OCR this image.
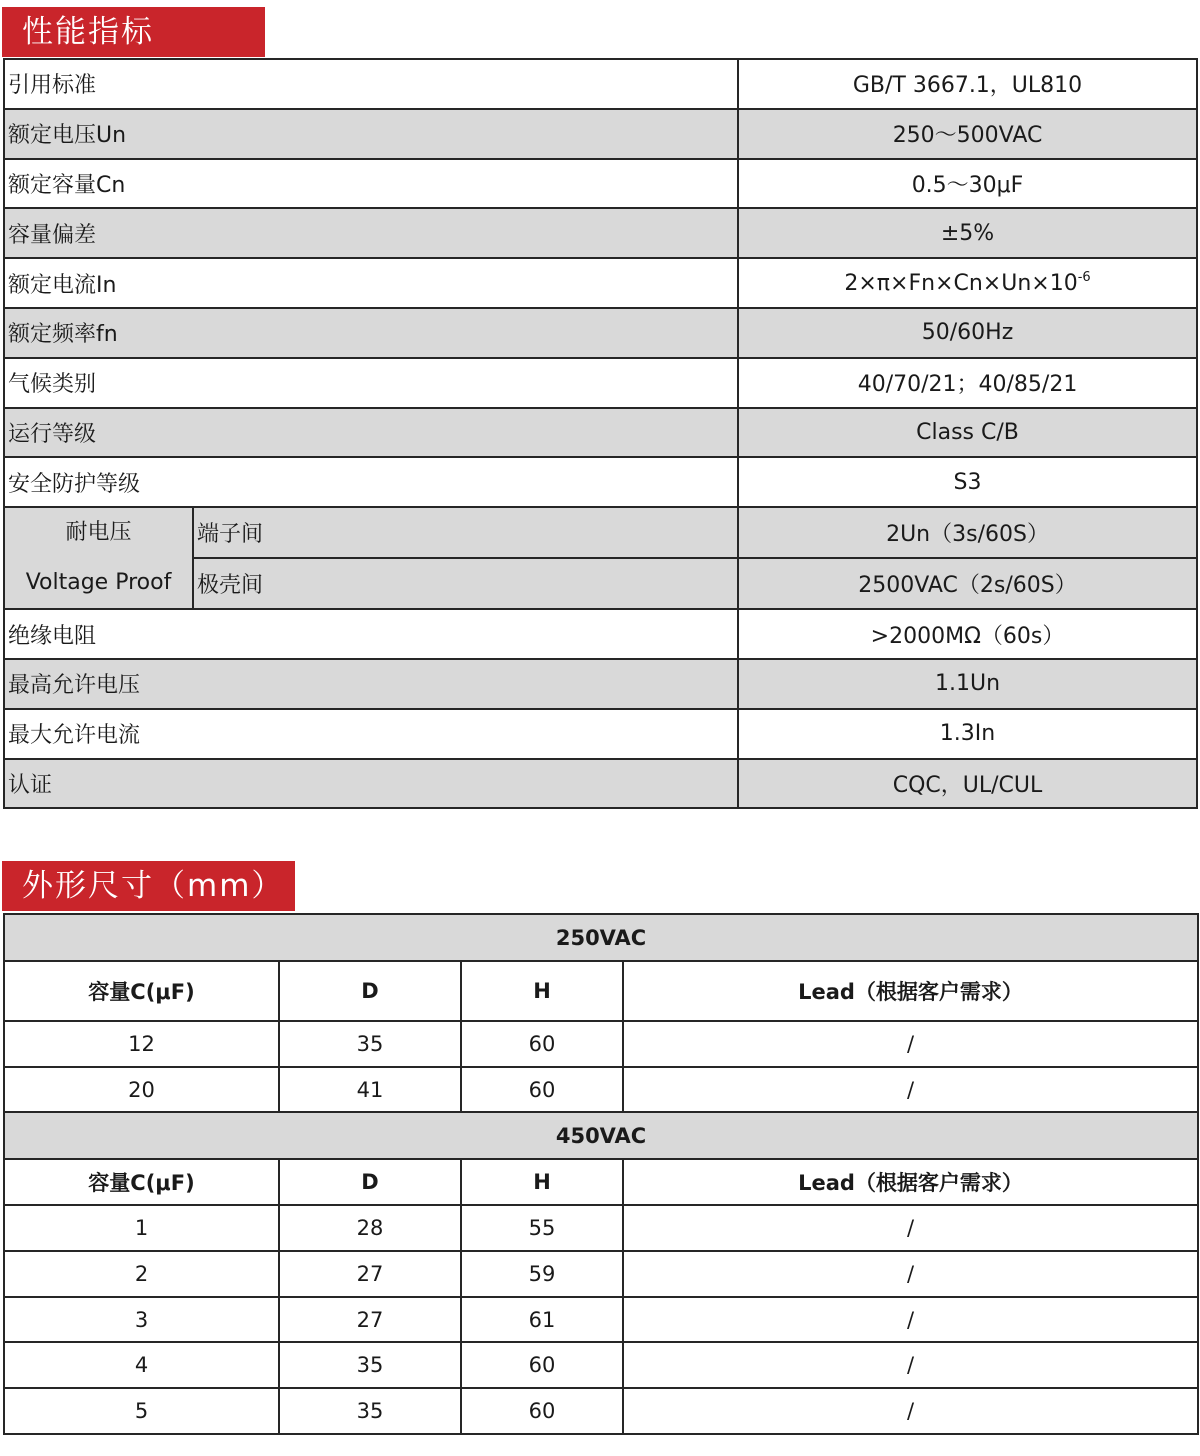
性能指标
引用标准		GB/T 3667.1，UL810
额定电压Un		250～500VAC
额定容量Cn		0.5～30μF
容量偏差		±5%
额定电流In		$2\times\pi\times Fn\times Cn\times Un\times 10^{-6}$
额定频率fn		50/60Hz
气候类别		40/70/21；40/85/21
运行等级		Class C/B
安全防护等级		S3

耐电压
Voltage Proof	端子间	2Un（3s/60S）
	极壳间	2500VAC（2s/60S）
绝缘电阻		>2000MΩ（60s）
最高允许电压		1.1Un
最大允许电流		1.3In
认证		CQC，UL/CUL
外形尺寸（mm）
250VAC			
容量C(μF)	D	H	Lead（根据客户需求）
12	35	60	/
20	41	60	/
450VAC			
容量C(μF)	D	H	Lead（根据客户需求）
1	28	55	/
2	27	59	/
3	27	61	/
4	35	60	/
5	35	60	/
